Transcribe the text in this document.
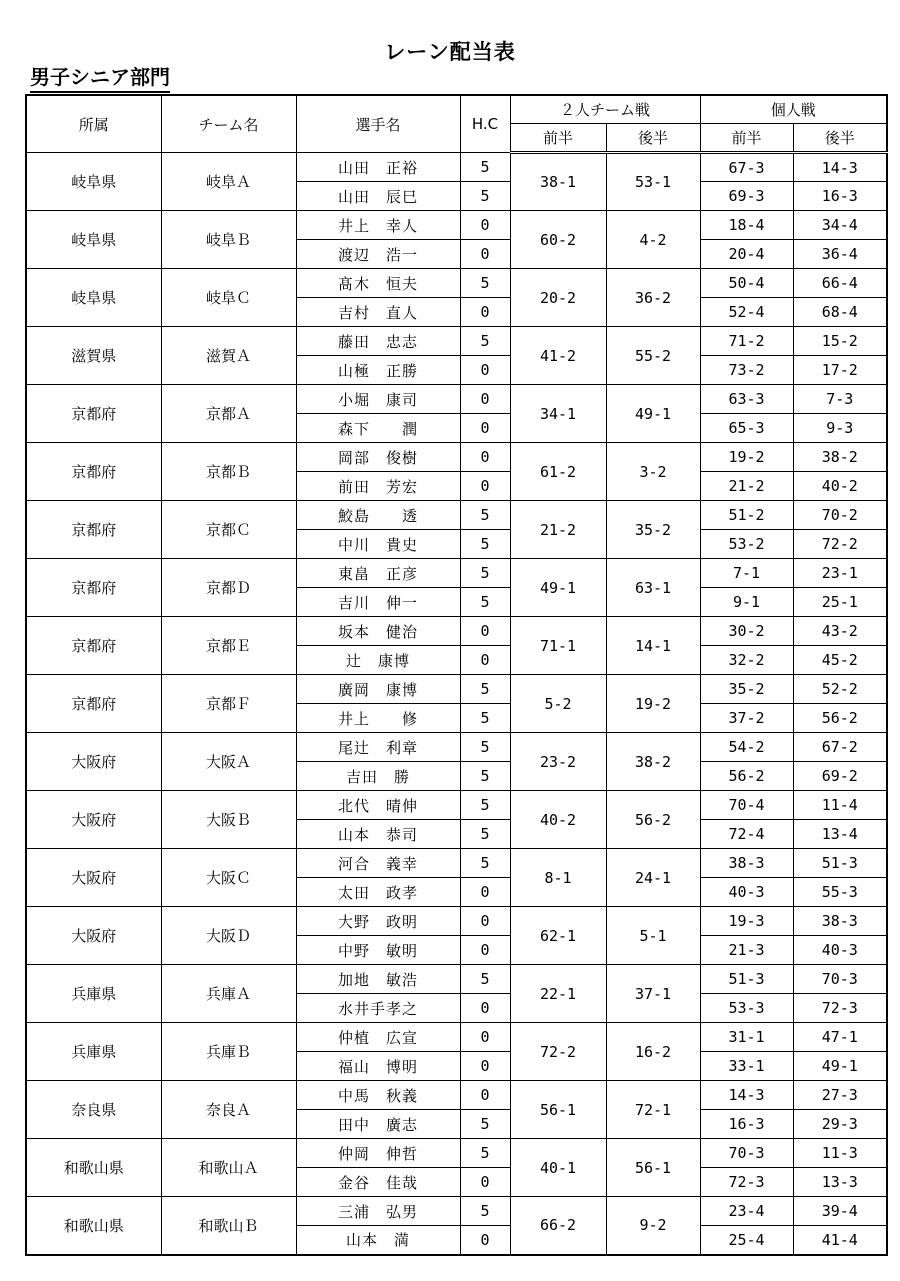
レーン配当表
男子シニア部門
所属	チーム名	選手名	H.C	２人チーム戦		個人戦	
				前半	後半	前半	後半
岐阜県	岐阜Ａ	山田　正裕	5	38-1	53-1	67-3	14-3
		山田　辰巳	5			69-3	16-3
岐阜県	岐阜Ｂ	井上　幸人	0	60-2	4-2	18-4	34-4
		渡辺　浩一	0			20-4	36-4
岐阜県	岐阜Ｃ	髙木　恒夫	5	20-2	36-2	50-4	66-4
		吉村　直人	0			52-4	68-4
滋賀県	滋賀Ａ	藤田　忠志	5	41-2	55-2	71-2	15-2
		山極　正勝	0			73-2	17-2
京都府	京都Ａ	小堀　康司	0	34-1	49-1	63-3	7-3
		森下　　潤	0			65-3	9-3
京都府	京都Ｂ	岡部　俊樹	0	61-2	3-2	19-2	38-2
		前田　芳宏	0			21-2	40-2
京都府	京都Ｃ	鮫島　　透	5	21-2	35-2	51-2	70-2
		中川　貴史	5			53-2	72-2
京都府	京都Ｄ	東畠　正彦	5	49-1	63-1	7-1	23-1
		吉川　伸一	5			9-1	25-1
京都府	京都Ｅ	坂本　健治	0	71-1	14-1	30-2	43-2
		辻　康博	0			32-2	45-2
京都府	京都Ｆ	廣岡　康博	5	5-2	19-2	35-2	52-2
		井上　　修	5			37-2	56-2
大阪府	大阪Ａ	尾辻　利章	5	23-2	38-2	54-2	67-2
		吉田　勝	5			56-2	69-2
大阪府	大阪Ｂ	北代　晴伸	5	40-2	56-2	70-4	11-4
		山本　恭司	5			72-4	13-4
大阪府	大阪Ｃ	河合　義幸	5	8-1	24-1	38-3	51-3
		太田　政孝	0			40-3	55-3
大阪府	大阪Ｄ	大野　政明	0	62-1	5-1	19-3	38-3
		中野　敏明	0			21-3	40-3
兵庫県	兵庫Ａ	加地　敏浩	5	22-1	37-1	51-3	70-3
		水井手孝之	0			53-3	72-3
兵庫県	兵庫Ｂ	仲植　広宣	0	72-2	16-2	31-1	47-1
		福山　博明	0			33-1	49-1
奈良県	奈良Ａ	中馬　秋義	0	56-1	72-1	14-3	27-3
		田中　廣志	5			16-3	29-3
和歌山県	和歌山Ａ	仲岡　伸哲	5	40-1	56-1	70-3	11-3
		金谷　佳哉	0			72-3	13-3
和歌山県	和歌山Ｂ	三浦　弘男	5	66-2	9-2	23-4	39-4
		山本　満	0			25-4	41-4
